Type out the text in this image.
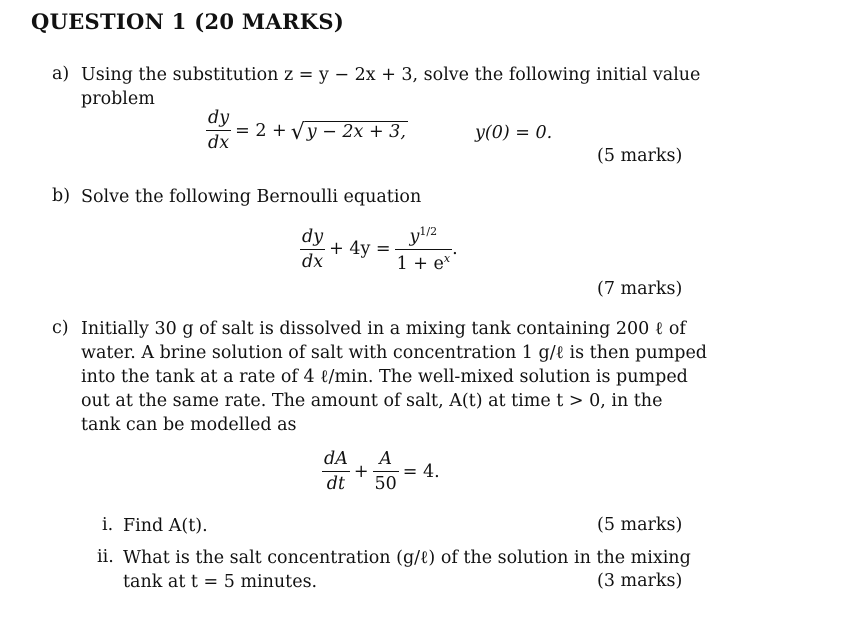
QUESTION 1 (20 MARKS)
a) Using the substitution z = y − 2x + 3, solve the following initial value
problem
$\frac{dy}{dx} = 2$ + √ y − 2x + 3,	y(0) = 0.
(5 marks)
b) Solve the following Bernoulli equation
$\frac{dy}{dx} + 4y = \frac{y^{1/2}}{1 + e^x}$ .
(7 marks)
c) Initially 30 g of salt is dissolved in a mixing tank containing 200 ℓ of
water. A brine solution of salt with concentration 1 g/ℓ is then pumped
into the tank at a rate of 4 ℓ/min. The well-mixed solution is pumped
out at the same rate. The amount of salt, A(t) at time t > 0, in the
tank can be modelled as
$\frac{dA}{dt} + \frac{A}{50} = 4$.
i. Find A(t).	(5 marks)
ii. What is the salt concentration (g/ℓ) of the solution in the mixing
tank at t = 5 minutes.	(3 marks)
